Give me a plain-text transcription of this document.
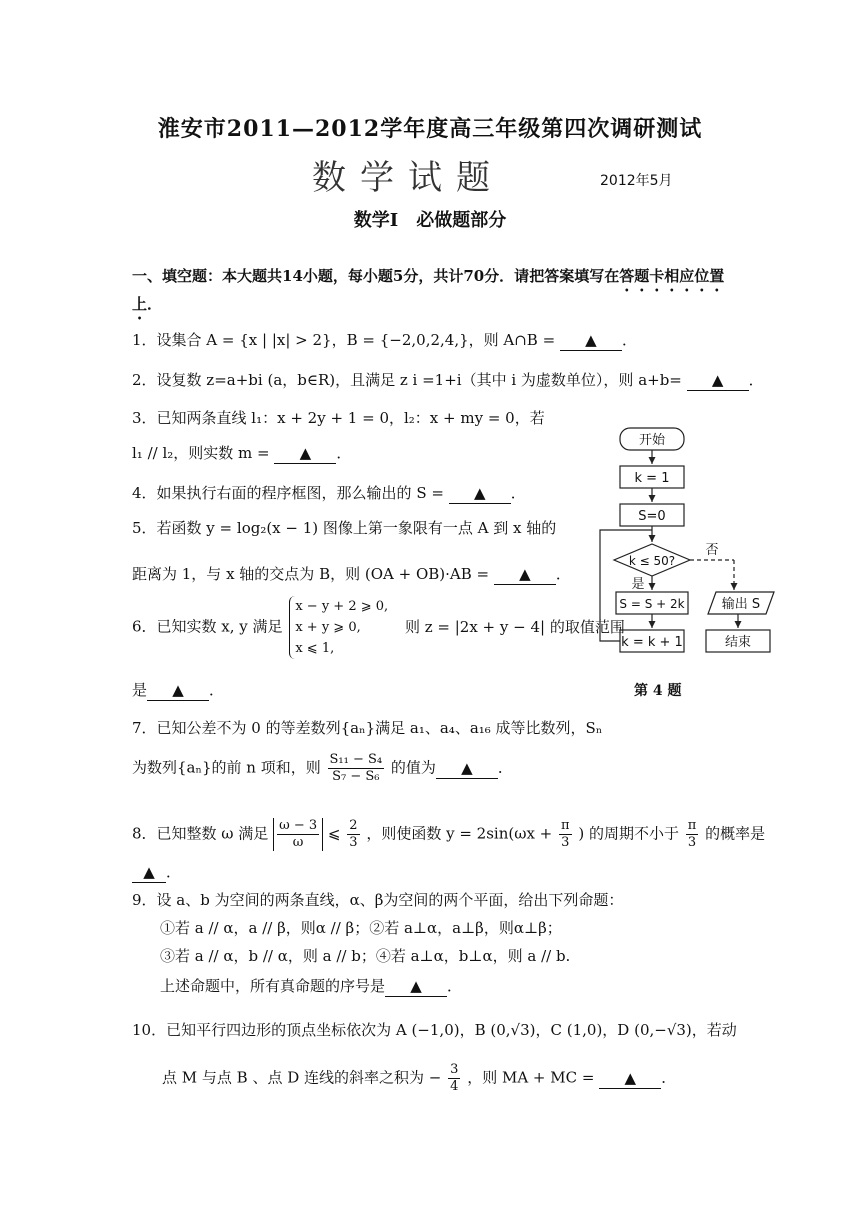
淮安市2011—2012学年度高三年级第四次调研测试
数学试题	2012年5月
数学Ⅰ　必做题部分
一、填空题：本大题共14小题，每小题5分，共计70分．请把答案填写在答题卡相应位置
上．
1．设集合 A = {x | |x| > 2}，B = {−2,0,2,4,}，则 A∩B = ▲ ．
2．设复数 z=a+bi (a，b∈R)，且满足 z i =1+i（其中 i 为虚数单位），则 a+b= ▲ ．
3．已知两条直线 l₁：x + 2y + 1 = 0，l₂：x + my = 0，若
l₁ // l₂，则实数 m = ▲ ．
4．如果执行右面的程序框图，那么输出的 S = ▲ ．
5．若函数 y = log₂(x − 1) 图像上第一象限有一点 A 到 x 轴的
距离为 1，与 x 轴的交点为 B，则 (OA + OB)·AB = ▲ ．
6．已知实数 x, y 满足
x − y + 2 ⩾ 0,
x + y ⩾ 0,
x ⩽ 1,
则 z = |2x + y − 4| 的取值范围
是 ▲ ．
7．已知公差不为 0 的等差数列{aₙ}满足 a₁、a₄、a₁₆ 成等比数列，Sₙ
为数列{aₙ}的前 n 项和，则 $\frac{\text{S₁₁ − S₄}}{\text{S₇ − S₆}}$ 的值为 ▲ ．
8．已知整数 ω 满足 $\frac{\omega - 3}{\omega}$ ⩽ $\frac{2}{3}$ ，则使函数 $y = 2\sin(\omega x + \frac{\pi}{3}$ ) 的周期不小于 $\frac{\pi}{3}$ 的概率是
▲ ．
9．设 a、b 为空间的两条直线，α、β为空间的两个平面，给出下列命题：
①若 a // α，a // β，则α // β；②若 a⊥α，a⊥β，则α⊥β；
③若 a // α，b // α，则 a // b；④若 a⊥α，b⊥α，则 a // b.
上述命题中，所有真命题的序号是 ▲ ．
10．已知平行四边形的顶点坐标依次为 A (−1,0)，B (0,√3)，C (1,0)，D (0,−√3)，若动
点 M 与点 B 、点 D 连线的斜率之积为 − $\frac{3}{4}$ ，则 MA + MC = ▲ ．
开始
k = 1
S=0
k ≤ 50?
否
是
S = S + 2k	输出 S
k = k + 1	结束
第 4 题
